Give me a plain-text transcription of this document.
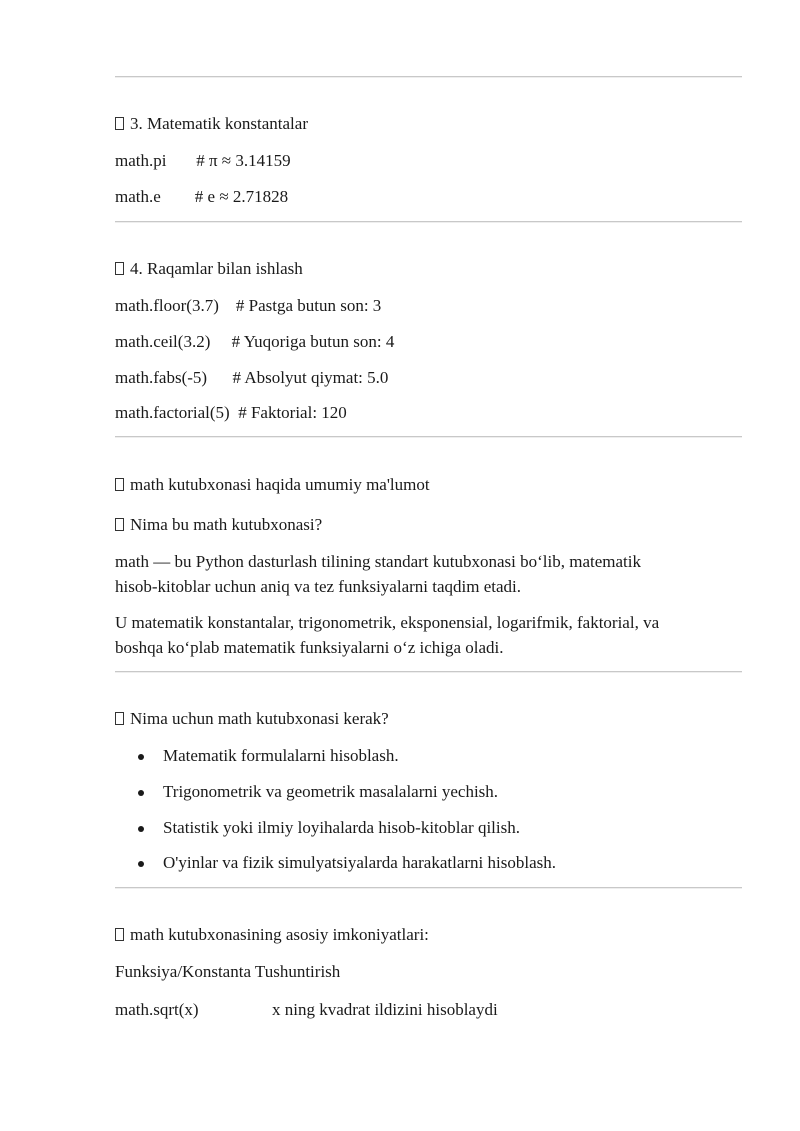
3. Matematik konstantalar
math.pi       # π ≈ 3.14159
math.e        # e ≈ 2.71828
4. Raqamlar bilan ishlash
math.floor(3.7)    # Pastga butun son: 3
math.ceil(3.2)     # Yuqoriga butun son: 4
math.fabs(-5)      # Absolyut qiymat: 5.0
math.factorial(5)  # Faktorial: 120
math kutubxonasi haqida umumiy ma'lumot
Nima bu math kutubxonasi?
math — bu Python dasturlash tilining standart kutubxonasi bo‘lib, matematik
hisob-kitoblar uchun aniq va tez funksiyalarni taqdim etadi.
U matematik konstantalar, trigonometrik, eksponensial, logarifmik, faktorial, va
boshqa ko‘plab matematik funksiyalarni o‘z ichiga oladi.
Nima uchun math kutubxonasi kerak?
Matematik formulalarni hisoblash.
Trigonometrik va geometrik masalalarni yechish.
Statistik yoki ilmiy loyihalarda hisob-kitoblar qilish.
O'yinlar va fizik simulyatsiyalarda harakatlarni hisoblash.
math kutubxonasining asosiy imkoniyatlari:
Funksiya/Konstanta Tushuntirish
math.sqrt(x)	x ning kvadrat ildizini hisoblaydi
